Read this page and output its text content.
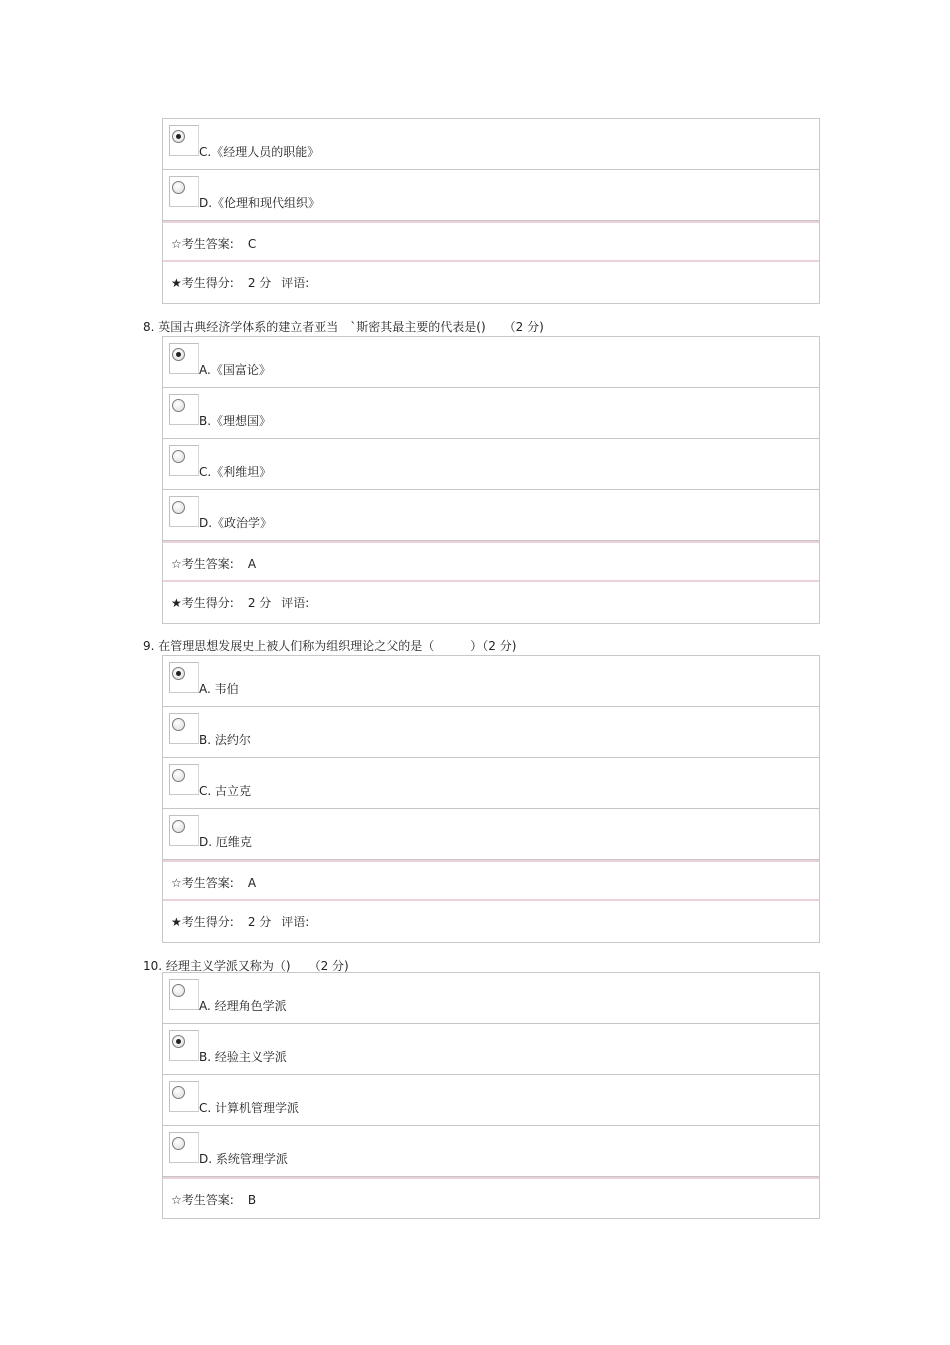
C.《经理人员的职能》
D.《伦理和现代组织》
☆考生答案: C
★考生得分: 2 分 评语:
8. 英国古典经济学体系的建立者亚当　`斯密其最主要的代表是()　　（2 分)
A.《国富论》
B.《理想国》
C.《利维坦》
D.《政治学》
☆考生答案: A
★考生得分: 2 分 评语:
9. 在管理思想发展史上被人们称为组织理论之父的是（　　　）（2 分)
A. 韦伯
B. 法约尔
C. 古立克
D. 厄维克
☆考生答案: A
★考生得分: 2 分 评语:
10. 经理主义学派又称为（)　　（2 分)
A. 经理角色学派
B. 经验主义学派
C. 计算机管理学派
D. 系统管理学派
☆考生答案: B
